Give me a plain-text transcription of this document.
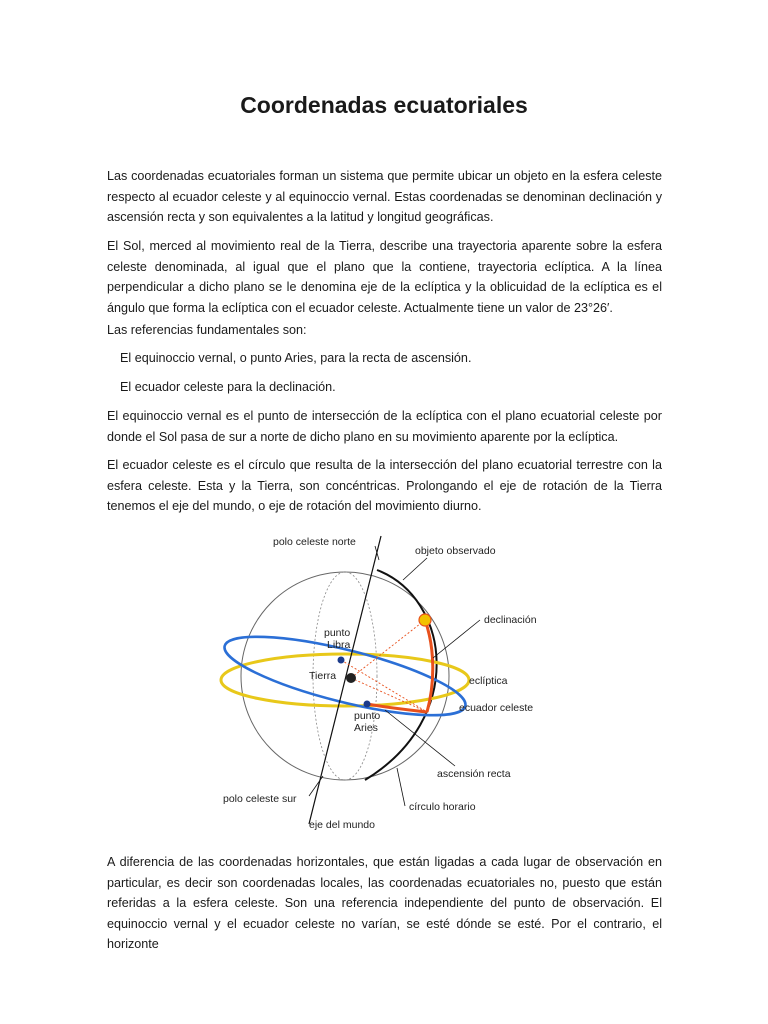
Coordenadas ecuatoriales

Las coordenadas ecuatoriales forman un sistema que permite ubicar un objeto en la esfera celeste respecto al ecuador celeste y al equinoccio vernal. Estas coordenadas se denominan declinación y ascensión recta y son equivalentes a la latitud y longitud geográficas.

El Sol, merced al movimiento real de la Tierra, describe una trayectoria aparente sobre la esfera celeste denominada, al igual que el plano que la contiene, trayectoria eclíptica. A la línea perpendicular a dicho plano se le denomina eje de la eclíptica y la oblicuidad de la eclíptica es el ángulo que forma la eclíptica con el ecuador celeste. Actualmente tiene un valor de 23°26′.

Las referencias fundamentales son:

El equinoccio vernal, o punto Aries, para la recta de ascensión.

El ecuador celeste para la declinación.

El equinoccio vernal es el punto de intersección de la eclíptica con el plano ecuatorial celeste por donde el Sol pasa de sur a norte de dicho plano en su movimiento aparente por la eclíptica.

El ecuador celeste es el círculo que resulta de la intersección del plano ecuatorial terrestre con la esfera celeste. Esta y la Tierra, son concéntricas. Prolongando el eje de rotación de la Tierra tenemos el eje del mundo, o eje de rotación del movimiento diurno.

polo celeste norte
objeto observado
declinación
punto
Libra
Tierra	eclíptica
ecuador celeste
punto
Aries
ascensión recta
polo celeste sur
círculo horario
eje del mundo

A diferencia de las coordenadas horizontales, que están ligadas a cada lugar de observación en particular, es decir son coordenadas locales, las coordenadas ecuatoriales no, puesto que están referidas a la esfera celeste. Son una referencia independiente del punto de observación. El equinoccio vernal y el ecuador celeste no varían, se esté dónde se esté. Por el contrario, el horizonte
